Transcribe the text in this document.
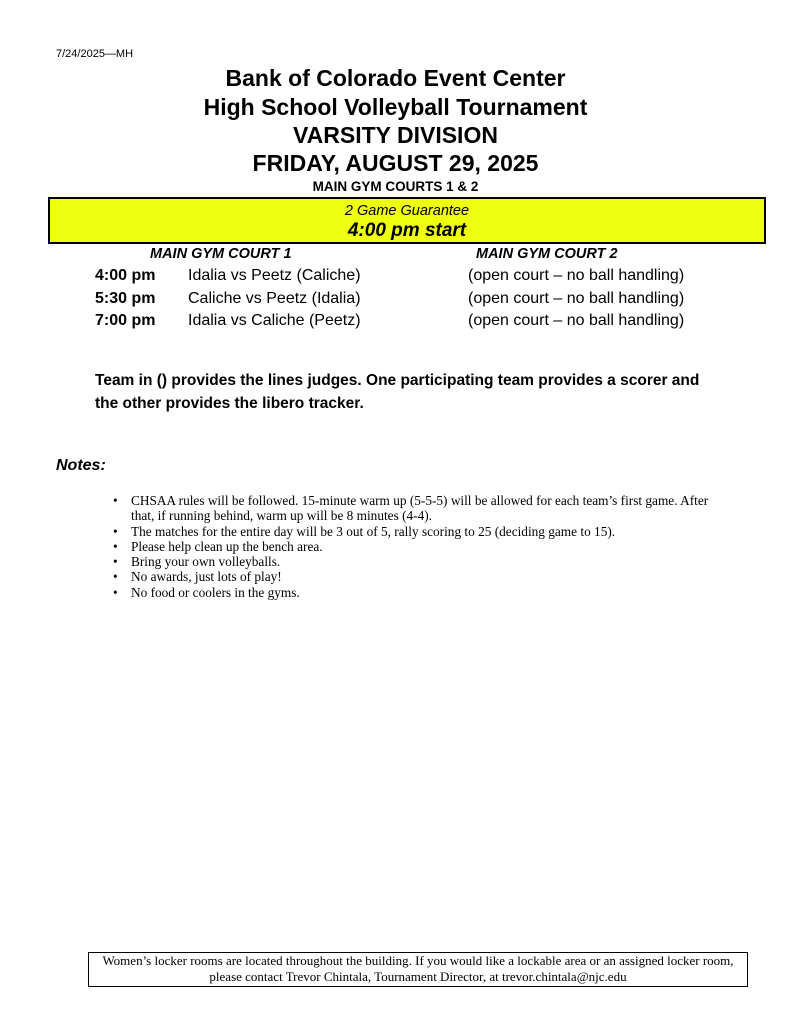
7/24/2025—MH
Bank of Colorado Event Center
High School Volleyball Tournament
VARSITY DIVISION
FRIDAY, AUGUST 29, 2025
MAIN GYM COURTS 1 & 2
2 Game Guarantee
4:00 pm start
MAIN GYM COURT 1	MAIN GYM COURT 2
4:00 pm Idalia vs Peetz (Caliche)	(open court – no ball handling)
5:30 pm Caliche vs Peetz (Idalia)	(open court – no ball handling)
7:00 pm Idalia vs Caliche (Peetz)	(open court – no ball handling)
Team in () provides the lines judges. One participating team provides a scorer and the other provides the libero tracker.
Notes:
• CHSAA rules will be followed. 15-minute warm up (5-5-5) will be allowed for each team’s first game. After that, if running behind, warm up will be 8 minutes (4-4).
• The matches for the entire day will be 3 out of 5, rally scoring to 25 (deciding game to 15).
• Please help clean up the bench area.
• Bring your own volleyballs.
• No awards, just lots of play!
• No food or coolers in the gyms.
Women’s locker rooms are located throughout the building. If you would like a lockable area or an assigned locker room, please contact Trevor Chintala, Tournament Director, at trevor.chintala@njc.edu
